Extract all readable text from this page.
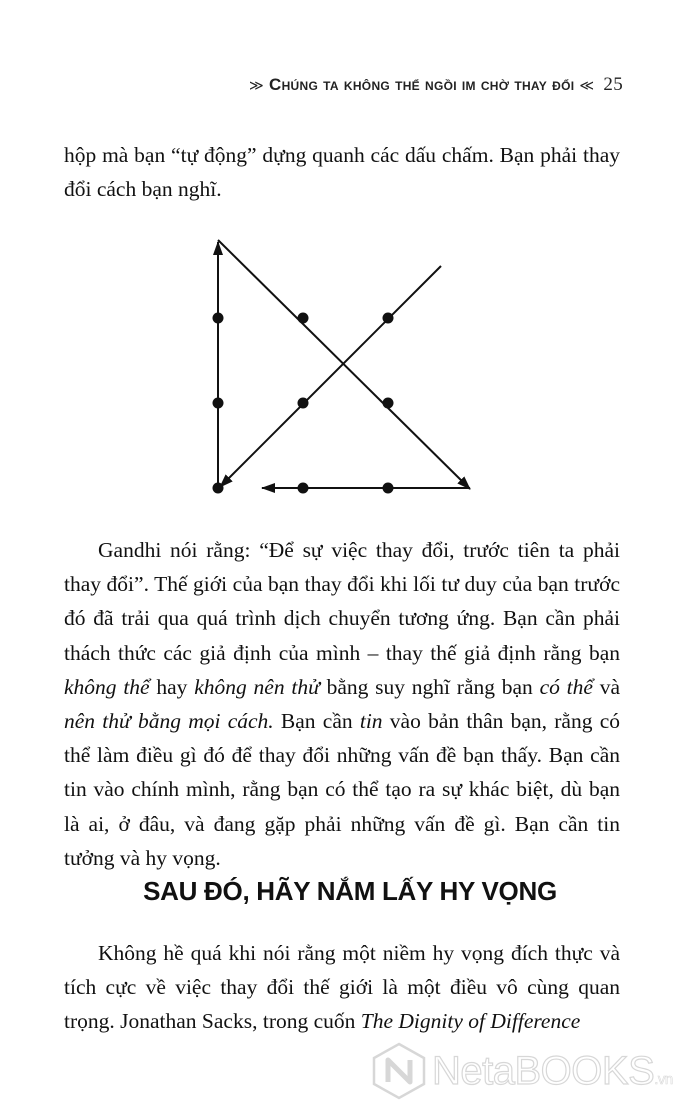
≫ Chúng ta không thể ngồi im chờ thay đổi ≪ 25

hộp mà bạn “tự động” dựng quanh các dấu chấm. Bạn phải thay đổi cách bạn nghĩ.

Gandhi nói rằng: “Để sự việc thay đổi, trước tiên ta phải thay đổi”. Thế giới của bạn thay đổi khi lối tư duy của bạn trước đó đã trải qua quá trình dịch chuyển tương ứng. Bạn cần phải thách thức các giả định của mình – thay thế giả định rằng bạn không thể hay không nên thử bằng suy nghĩ rằng bạn có thể và nên thử bằng mọi cách. Bạn cần tin vào bản thân bạn, rằng có thể làm điều gì đó để thay đổi những vấn đề bạn thấy. Bạn cần tin vào chính mình, rằng bạn có thể tạo ra sự khác biệt, dù bạn là ai, ở đâu, và đang gặp phải những vấn đề gì. Bạn cần tin tưởng và hy vọng.

SAU ĐÓ, HÃY NẮM LẤY HY VỌNG

Không hề quá khi nói rằng một niềm hy vọng đích thực và tích cực về việc thay đổi thế giới là một điều vô cùng quan trọng. Jonathan Sacks, trong cuốn The Dignity of Difference

NetaBOOKS.vn
